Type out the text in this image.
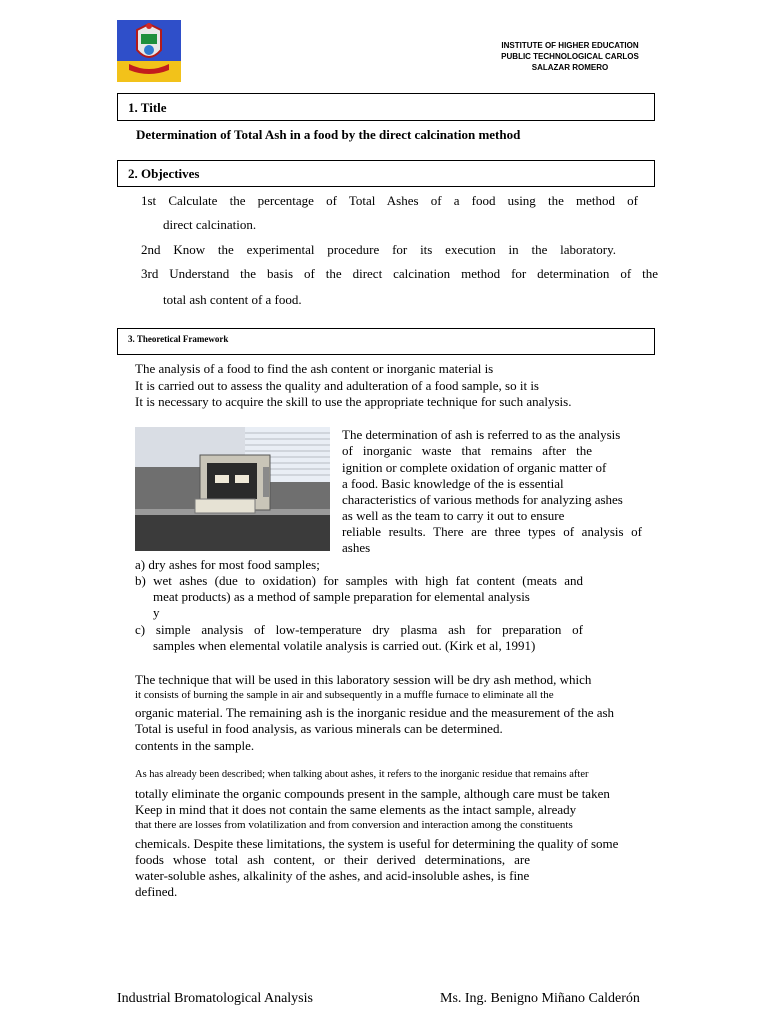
INSTITUTE OF HIGHER EDUCATION
PUBLIC TECHNOLOGICAL CARLOS
SALAZAR ROMERO
1. Title
Determination of Total Ash in a food by the direct calcination method
2. Objectives
1st Calculate the percentage of Total Ashes of a food using the method of
direct calcination.
2nd Know the experimental procedure for its execution in the laboratory.
3rd Understand the basis of the direct calcination method for determination of the
total ash content of a food.
3. Theoretical Framework
The analysis of a food to find the ash content or inorganic material is
It is carried out to assess the quality and adulteration of a food sample, so it is
It is necessary to acquire the skill to use the appropriate technique for such analysis.
The determination of ash is referred to as the analysis
of inorganic waste that remains after the
ignition or complete oxidation of organic matter of
a food. Basic knowledge of the is essential
characteristics of various methods for analyzing ashes
as well as the team to carry it out to ensure
reliable results. There are three types of analysis of
ashes
a) dry ashes for most food samples;
b) wet ashes (due to oxidation) for samples with high fat content (meats and
meat products) as a method of sample preparation for elemental analysis
y
c) simple analysis of low-temperature dry plasma ash for preparation of
samples when elemental volatile analysis is carried out. (Kirk et al, 1991)
The technique that will be used in this laboratory session will be dry ash method, which
it consists of burning the sample in air and subsequently in a muffle furnace to eliminate all the
organic material. The remaining ash is the inorganic residue and the measurement of the ash
Total is useful in food analysis, as various minerals can be determined.
contents in the sample.
As has already been described; when talking about ashes, it refers to the inorganic residue that remains after
totally eliminate the organic compounds present in the sample, although care must be taken
Keep in mind that it does not contain the same elements as the intact sample, already
that there are losses from volatilization and from conversion and interaction among the constituents
chemicals. Despite these limitations, the system is useful for determining the quality of some
foods whose total ash content, or their derived determinations, are
water-soluble ashes, alkalinity of the ashes, and acid-insoluble ashes, is fine
defined.
Industrial Bromatological Analysis	Ms. Ing. Benigno Miñano Calderón
